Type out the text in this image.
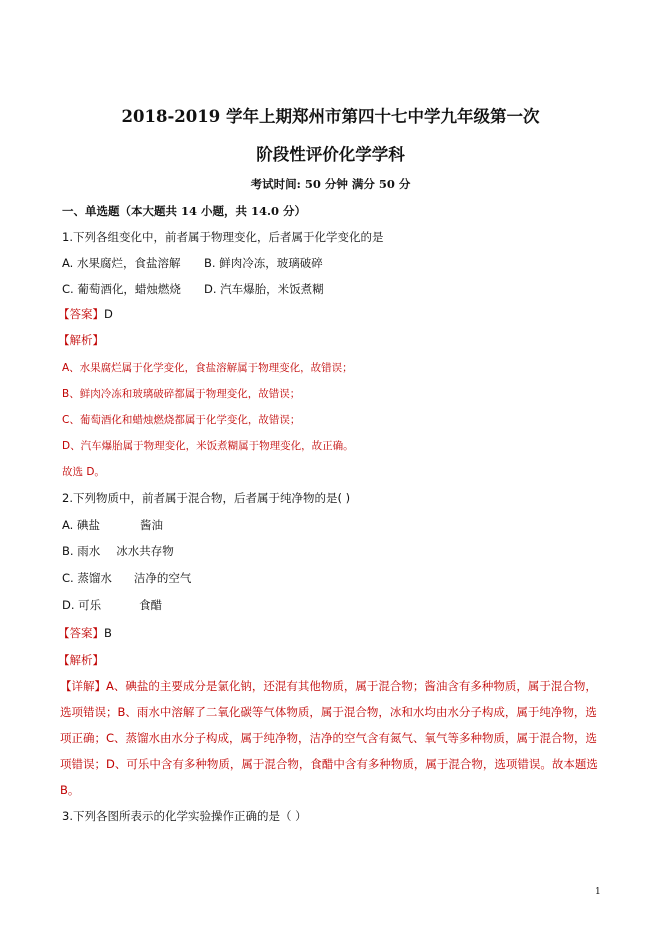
2018-2019 学年上期郑州市第四十七中学九年级第一次
阶段性评价化学学科
考试时间: 50 分钟 满分 50 分
一、单选题（本大题共 14 小题，共 14.0 分）
1.下列各组变化中，前者属于物理变化，后者属于化学变化的是
A. 水果腐烂，食盐溶解 B. 鲜肉冷冻，玻璃破碎
C. 葡萄酒化，蜡烛燃烧 D. 汽车爆胎，米饭煮糊
【答案】D
【解析】
A、水果腐烂属于化学变化，食盐溶解属于物理变化，故错误；
B、鲜肉冷冻和玻璃破碎都属于物理变化，故错误；
C、葡萄酒化和蜡烛燃烧都属于化学变化，故错误；
D、汽车爆胎属于物理变化，米饭煮糊属于物理变化，故正确。
故选 D。
2.下列物质中，前者属于混合物，后者属于纯净物的是( )
A. 碘盐	酱油
B. 雨水 冰水共存物
C. 蒸馏水 洁净的空气
D. 可乐	食醋
【答案】B
【解析】
【详解】A、碘盐的主要成分是氯化钠，还混有其他物质，属于混合物；酱油含有多种物质，属于混合物，选项错误；B、雨水中溶解了二氧化碳等气体物质，属于混合物，冰和水均由水分子构成，属于纯净物，选项正确；C、蒸馏水由水分子构成，属于纯净物，洁净的空气含有氮气、氧气等多种物质，属于混合物，选项错误；D、可乐中含有多种物质，属于混合物，食醋中含有多种物质，属于混合物，选项错误。故本题选 B。
3.下列各图所表示的化学实验操作正确的是（ ）
1
